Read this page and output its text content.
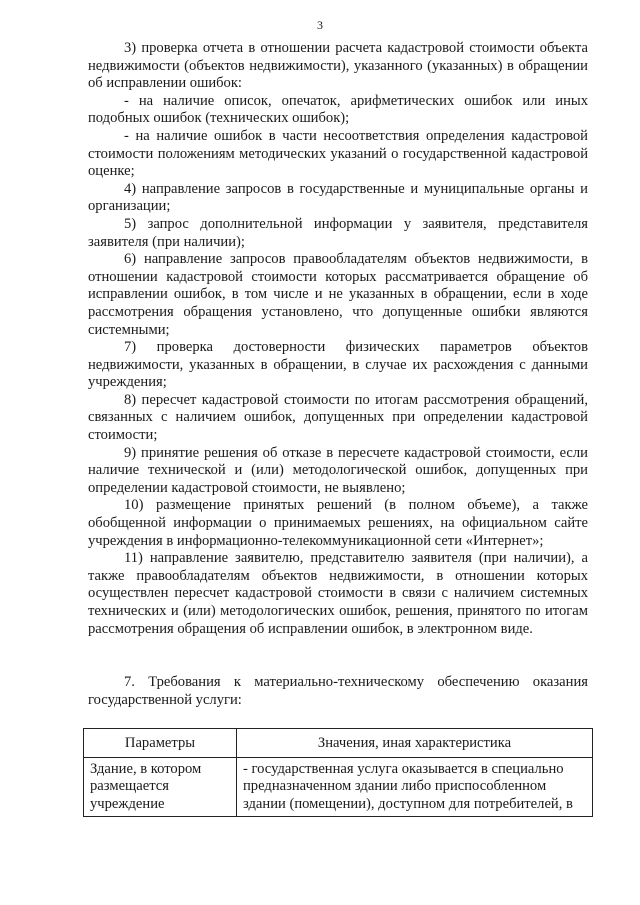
3

3) проверка отчета в отношении расчета кадастровой стоимости объекта недвижимости (объектов недвижимости), указанного (указанных) в обращении об исправлении ошибок:

- на наличие описок, опечаток, арифметических ошибок или иных подобных ошибок (технических ошибок);

- на наличие ошибок в части несоответствия определения кадастровой стоимости положениям методических указаний о государственной кадастровой оценке;

4) направление запросов в государственные и муниципальные органы и организации;

5) запрос дополнительной информации у заявителя, представителя заявителя (при наличии);

6) направление запросов правообладателям объектов недвижимости, в отношении кадастровой стоимости которых рассматривается обращение об исправлении ошибок, в том числе и не указанных в обращении, если в ходе рассмотрения обращения установлено, что допущенные ошибки являются системными;

7) проверка достоверности физических параметров объектов недвижимости, указанных в обращении, в случае их расхождения с данными учреждения;

8) пересчет кадастровой стоимости по итогам рассмотрения обращений, связанных с наличием ошибок, допущенных при определении кадастровой стоимости;

9) принятие решения об отказе в пересчете кадастровой стоимости, если наличие технической и (или) методологической ошибок, допущенных при определении кадастровой стоимости, не выявлено;

10) размещение принятых решений (в полном объеме), а также обобщенной информации о принимаемых решениях, на официальном сайте учреждения в информационно-телекоммуникационной сети «Интернет»;

11) направление заявителю, представителю заявителя (при наличии), а также правообладателям объектов недвижимости, в отношении которых осуществлен пересчет кадастровой стоимости в связи с наличием системных технических и (или) методологических ошибок, решения, принятого по итогам рассмотрения обращения об исправлении ошибок, в электронном виде.

7. Требования к материально-техническому обеспечению оказания государственной услуги:

Параметры	Значения, иная характеристика
Здание, в котором размещается учреждение	- государственная услуга оказывается в специально предназначенном здании либо приспособленном здании (помещении), доступном для потребителей, в
